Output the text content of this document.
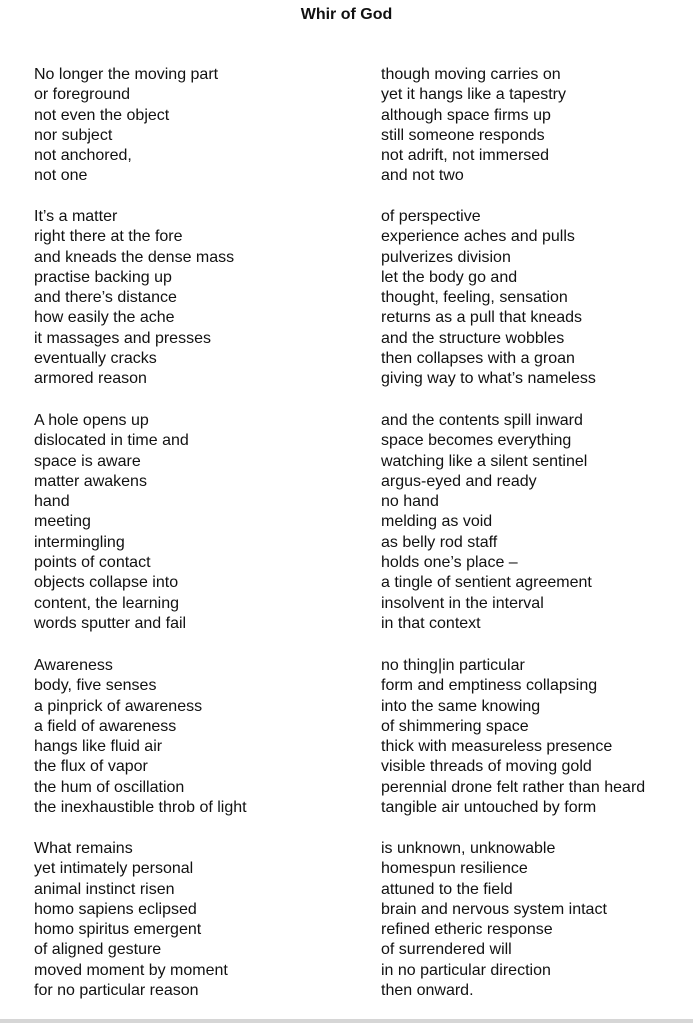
Whir of God
No longer the moving part
or foreground
not even the object
nor subject
not anchored,
not one
though moving carries on
yet it hangs like a tapestry
although space firms up
still someone responds
not adrift, not immersed
and not two
It’s a matter
right there at the fore
and kneads the dense mass
practise backing up
and there’s distance
how easily the ache
it massages and presses
eventually cracks
armored reason
of perspective
experience aches and pulls
pulverizes division
let the body go and
thought, feeling, sensation
returns as a pull that kneads
and the structure wobbles
then collapses with a groan
giving way to what’s nameless
A hole opens up
dislocated in time and
space is aware
matter awakens
hand
meeting
intermingling
points of contact
objects collapse into
content, the learning
words sputter and fail
and the contents spill inward
space becomes everything
watching like a silent sentinel
argus-eyed and ready
no hand
melding as void
as belly rod staff
holds one’s place –
a tingle of sentient agreement
insolvent in the interval
in that context
Awareness
body, five senses
a pinprick of awareness
a field of awareness
hangs like fluid air
the flux of vapor
the hum of oscillation
the inexhaustible throb of light
no thing|in particular
form and emptiness collapsing
into the same knowing
of shimmering space
thick with measureless presence
visible threads of moving gold
perennial drone felt rather than heard
tangible air untouched by form
What remains
yet intimately personal
animal instinct risen
homo sapiens eclipsed
homo spiritus emergent
of aligned gesture
moved moment by moment
for no particular reason
is unknown, unknowable
homespun resilience
attuned to the field
brain and nervous system intact
refined etheric response
of surrendered will
in no particular direction
then onward.
